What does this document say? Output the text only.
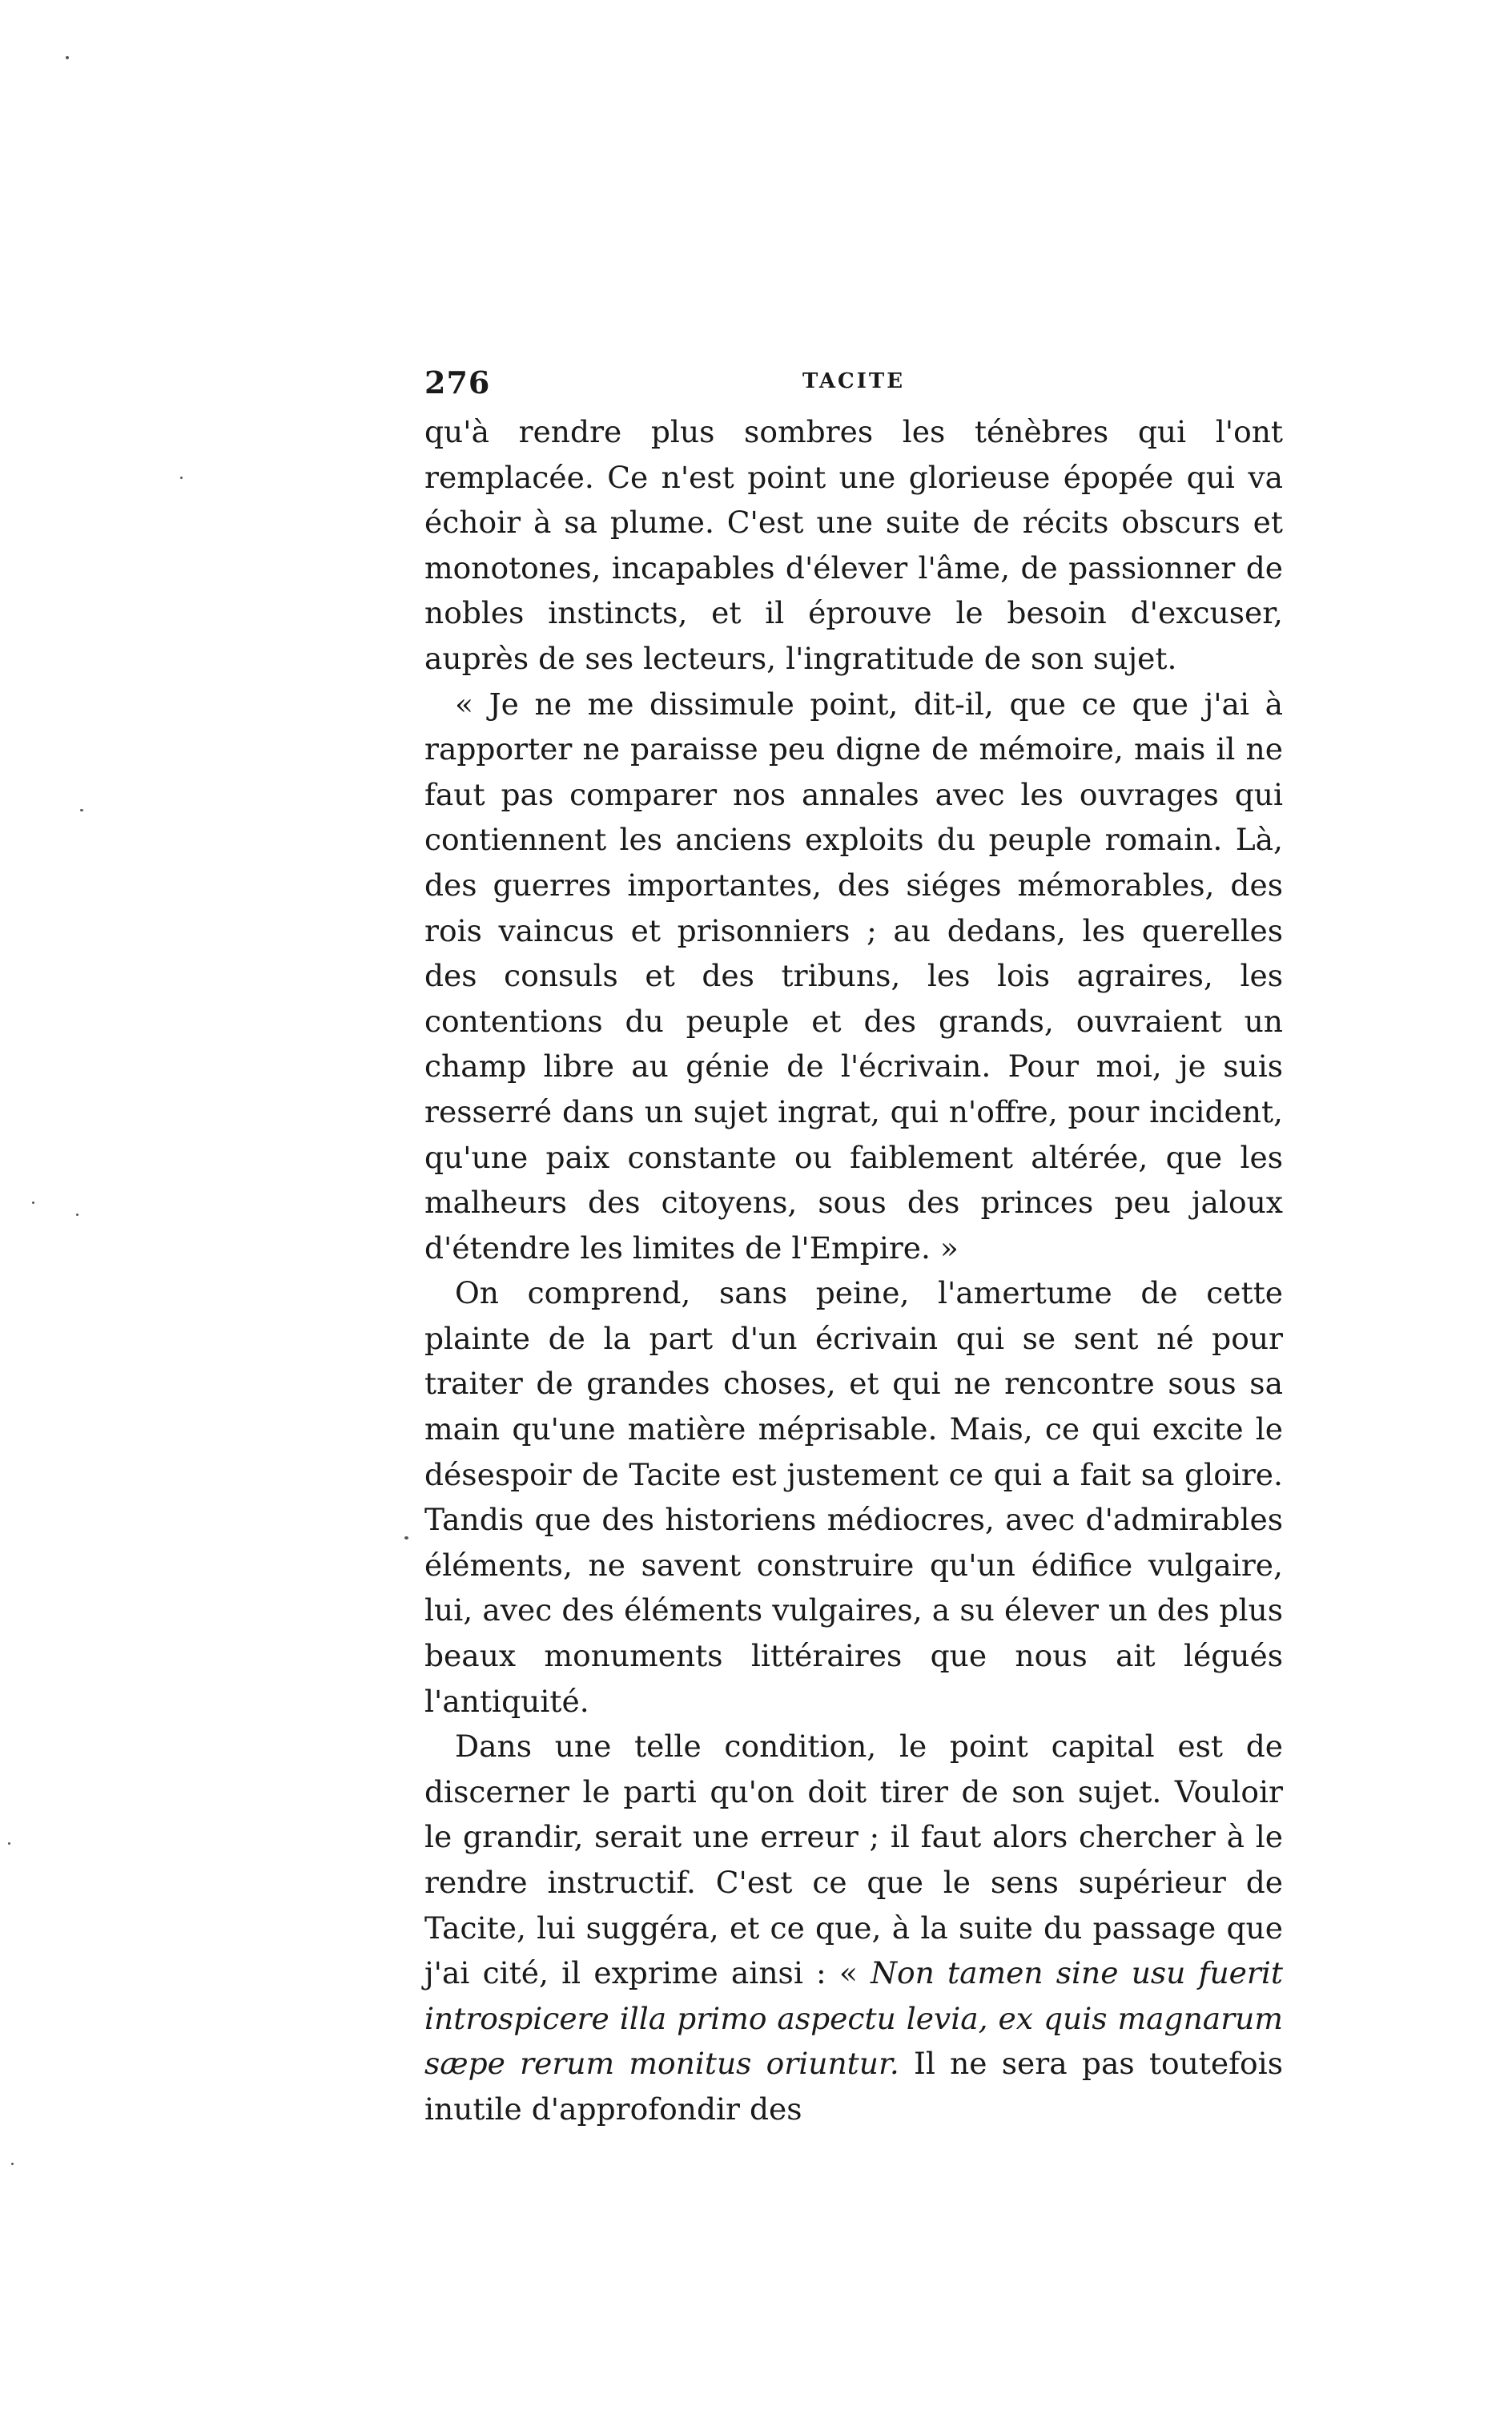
276	TACITE

qu'à rendre plus sombres les ténèbres qui l'ont remplacée. Ce n'est point une glorieuse épopée qui va échoir à sa plume. C'est une suite de récits obscurs et monotones, incapables d'élever l'âme, de passionner de nobles instincts, et il éprouve le besoin d'excuser, auprès de ses lecteurs, l'ingratitude de son sujet.

« Je ne me dissimule point, dit-il, que ce que j'ai à rapporter ne paraisse peu digne de mémoire, mais il ne faut pas comparer nos annales avec les ouvrages qui contiennent les anciens exploits du peuple romain. Là, des guerres importantes, des siéges mémorables, des rois vaincus et prisonniers ; au dedans, les querelles des consuls et des tribuns, les lois agraires, les contentions du peuple et des grands, ouvraient un champ libre au génie de l'écrivain. Pour moi, je suis resserré dans un sujet ingrat, qui n'offre, pour incident, qu'une paix constante ou faiblement altérée, que les malheurs des citoyens, sous des princes peu jaloux d'étendre les limites de l'Empire. »

On comprend, sans peine, l'amertume de cette plainte de la part d'un écrivain qui se sent né pour traiter de grandes choses, et qui ne rencontre sous sa main qu'une matière méprisable. Mais, ce qui excite le désespoir de Tacite est justement ce qui a fait sa gloire. Tandis que des historiens médiocres, avec d'admirables éléments, ne savent construire qu'un édifice vulgaire, lui, avec des éléments vulgaires, a su élever un des plus beaux monuments littéraires que nous ait légués l'antiquité.

Dans une telle condition, le point capital est de discerner le parti qu'on doit tirer de son sujet. Vouloir le grandir, serait une erreur ; il faut alors chercher à le rendre instructif. C'est ce que le sens supérieur de Tacite, lui suggéra, et ce que, à la suite du passage que j'ai cité, il exprime ainsi : « Non tamen sine usu fuerit introspicere illa primo aspectu levia, ex quis magnarum sæpe rerum monitus oriuntur. Il ne sera pas toutefois inutile d'approfondir des
